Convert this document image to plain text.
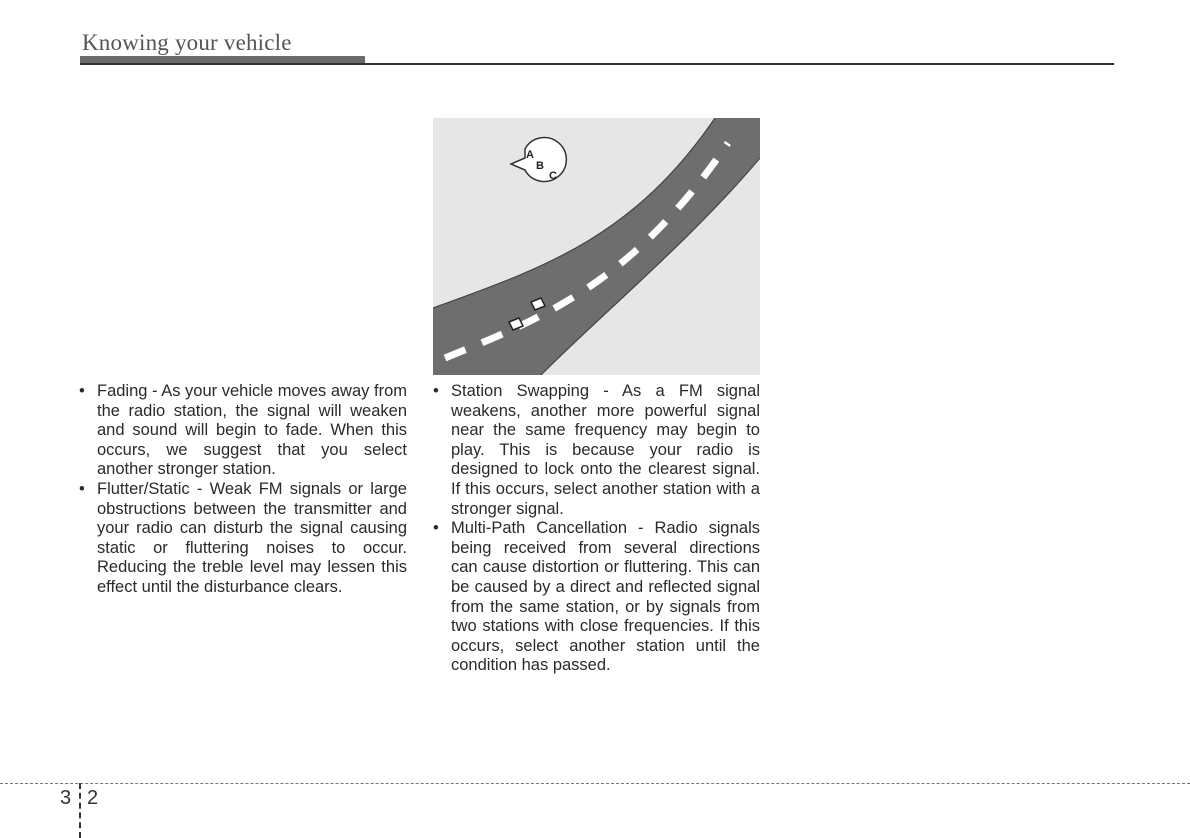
Knowing your vehicle
A
B
C

• Fading - As your vehicle moves away from the radio station, the signal will weaken and sound will begin to fade. When this occurs, we suggest that you select another stronger station.

• Flutter/Static - Weak FM signals or large obstructions between the transmitter and your radio can disturb the signal causing static or fluttering noises to occur. Reducing the treble level may lessen this effect until the disturbance clears.

• Station Swapping - As a FM signal weakens, another more powerful signal near the same frequency may begin to play. This is because your radio is designed to lock onto the clearest signal. If this occurs, select another station with a stronger signal.

• Multi-Path Cancellation - Radio signals being received from several directions can cause distortion or fluttering. This can be caused by a direct and reflected signal from the same station, or by signals from two stations with close frequencies. If this occurs, select another station until the condition has passed.

3 2
